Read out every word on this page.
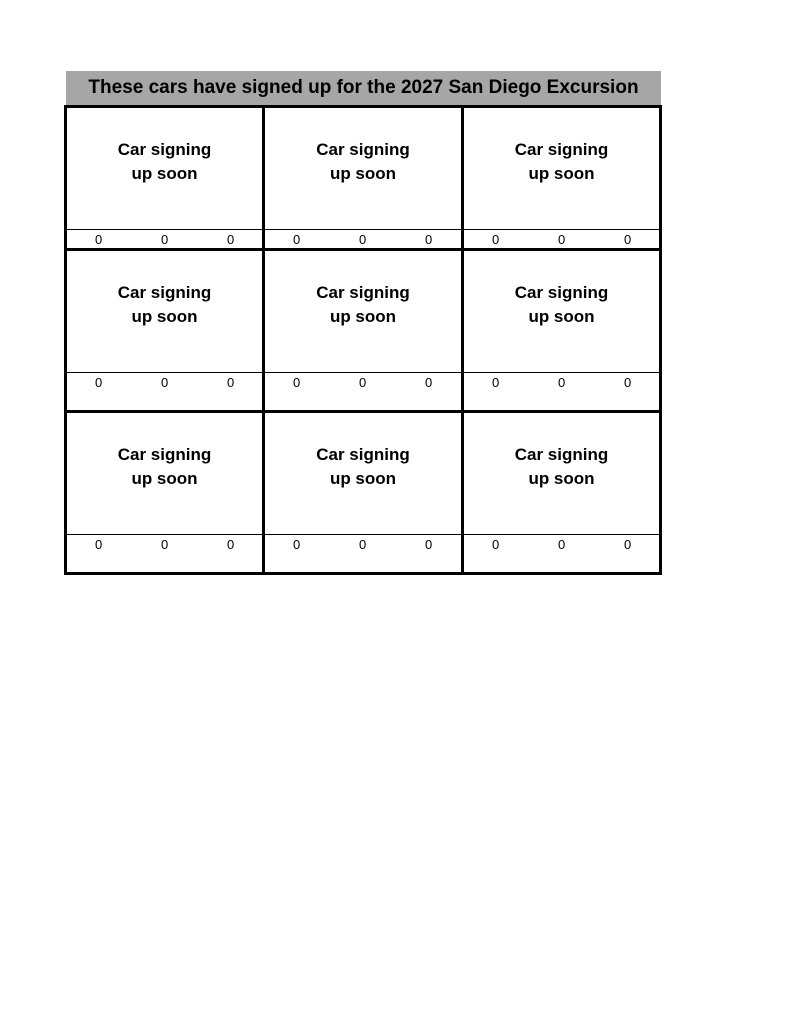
These cars have signed up for the 2027 San Diego Excursion
Car signing
up soon
0	0	0
Car signing
up soon
0	0	0
Car signing
up soon
0	0	0
Car signing
up soon
0	0	0
Car signing
up soon
0	0	0
Car signing
up soon
0	0	0
Car signing
up soon
0	0	0
Car signing
up soon
0	0	0
Car signing
up soon
0	0	0
